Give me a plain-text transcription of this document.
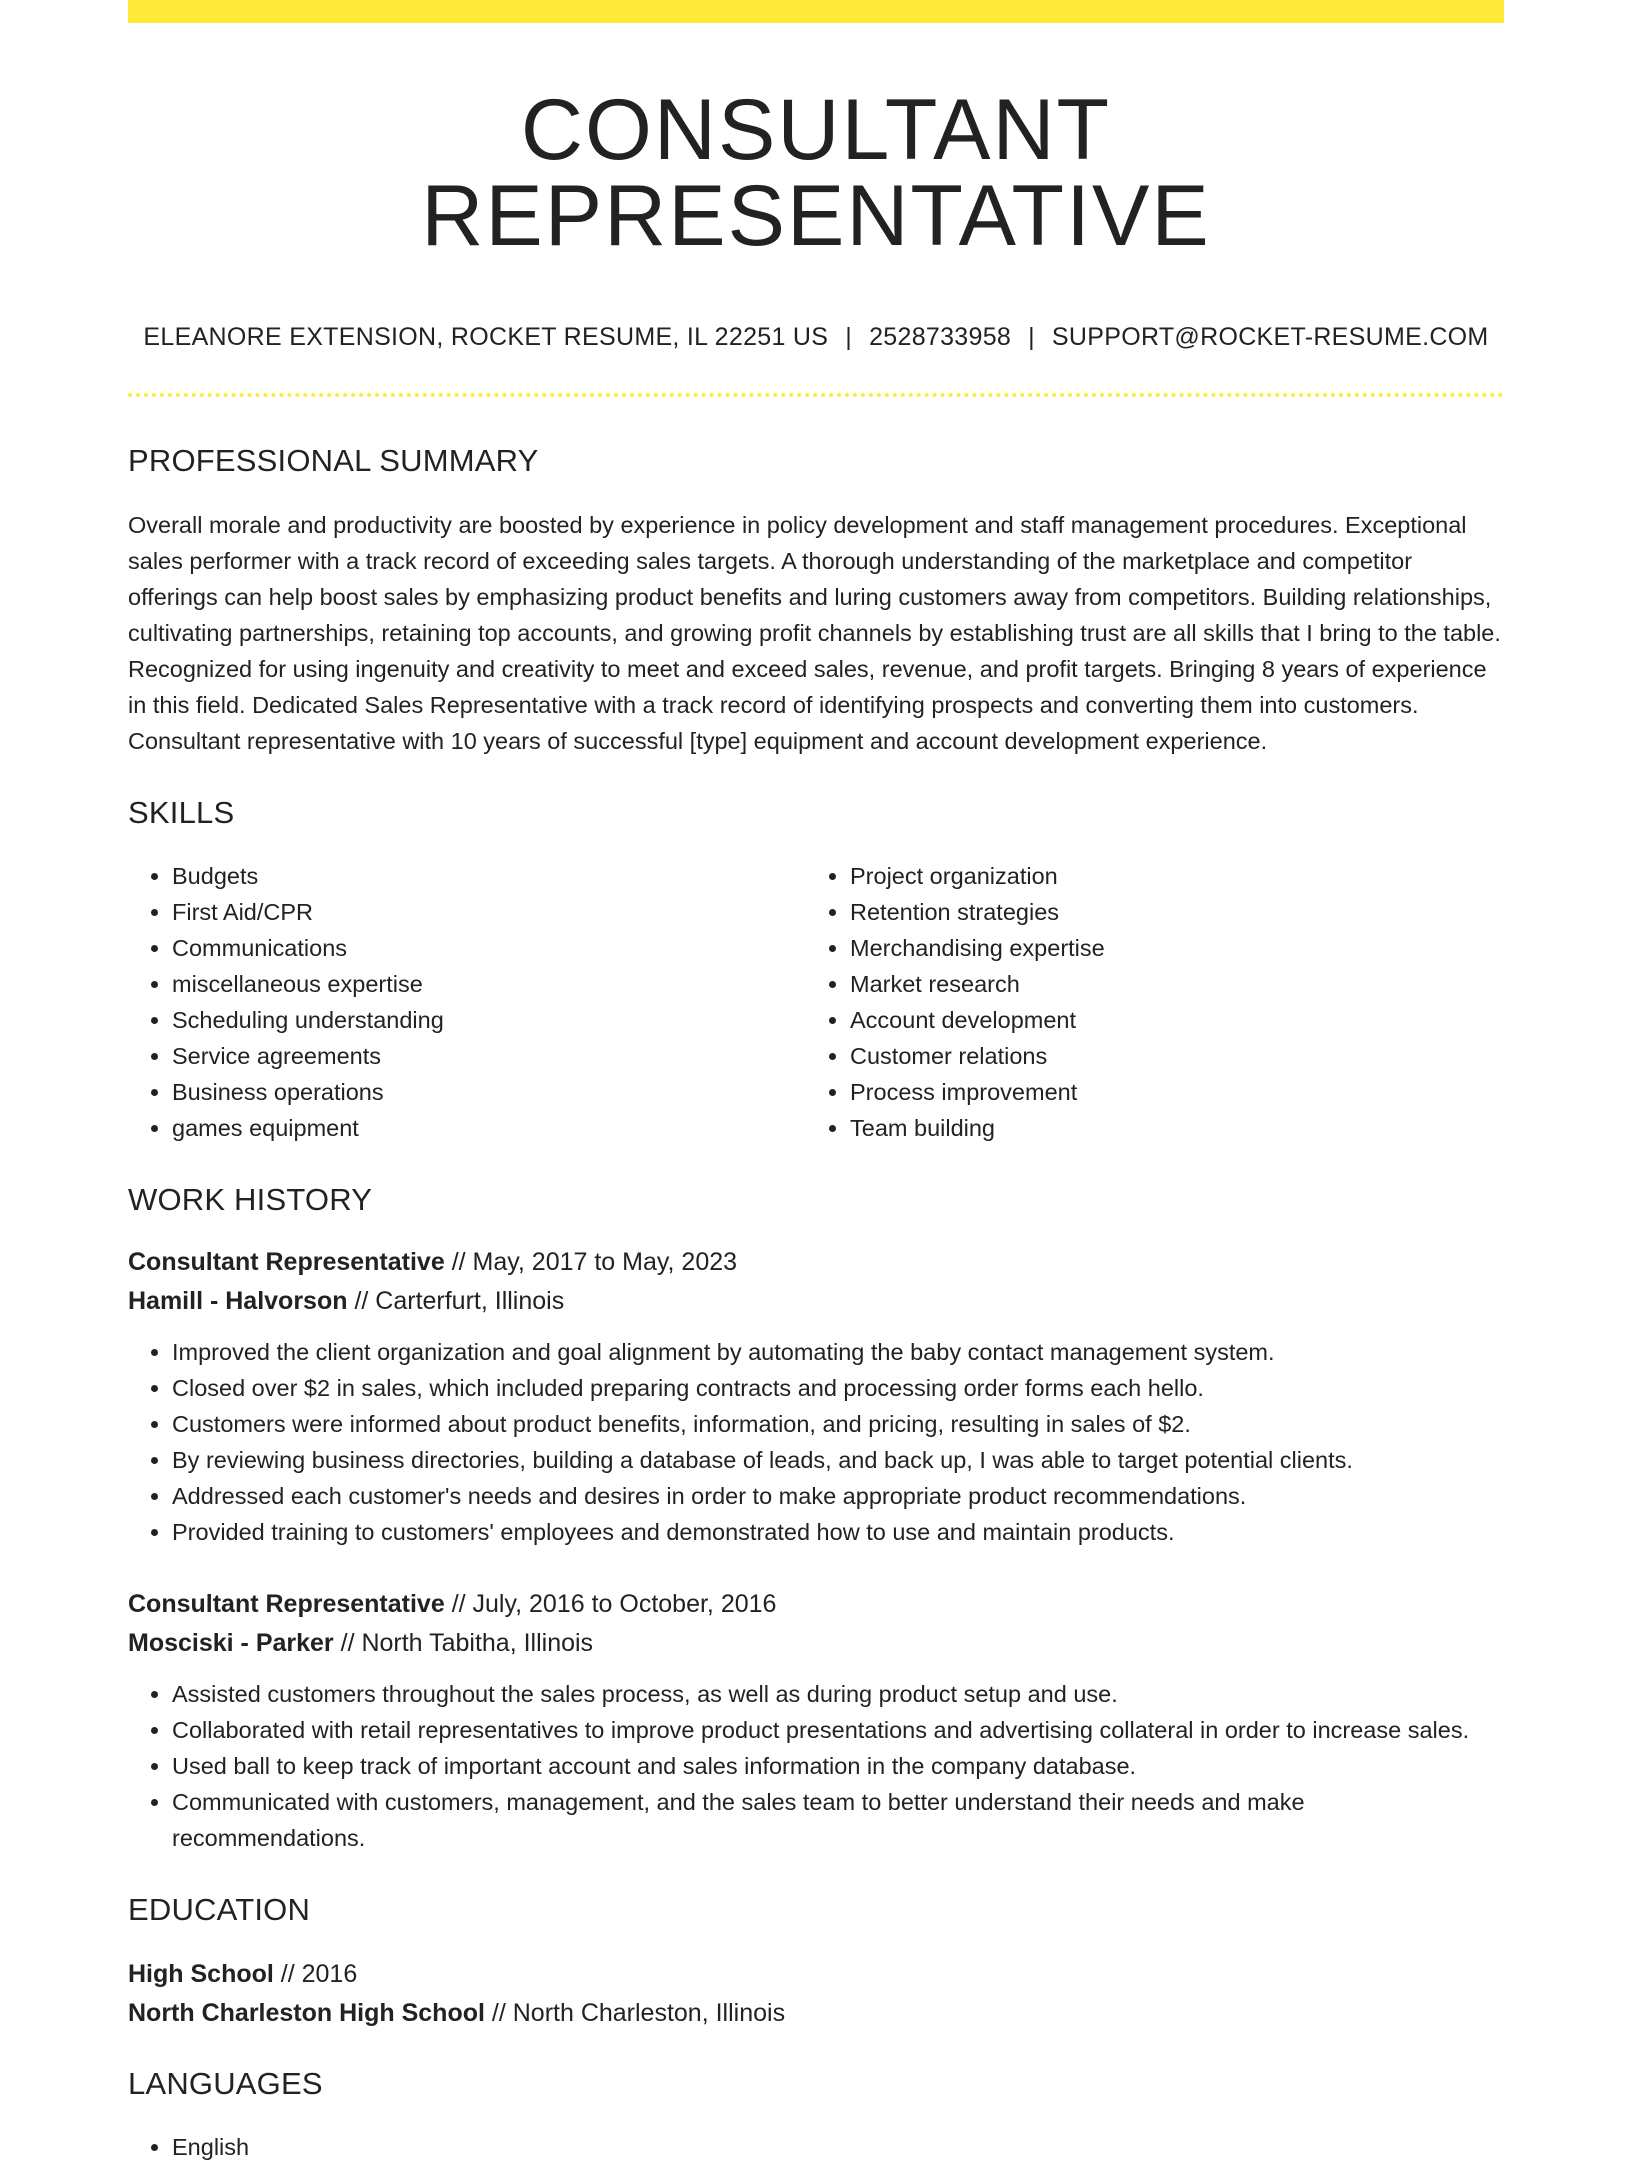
CONSULTANT REPRESENTATIVE
ELEANORE EXTENSION, ROCKET RESUME, IL 22251 US | 2528733958 | SUPPORT@ROCKET-RESUME.COM
PROFESSIONAL SUMMARY

Overall morale and productivity are boosted by experience in policy development and staff management procedures. Exceptional sales performer with a track record of exceeding sales targets. A thorough understanding of the marketplace and competitor offerings can help boost sales by emphasizing product benefits and luring customers away from competitors. Building relationships, cultivating partnerships, retaining top accounts, and growing profit channels by establishing trust are all skills that I bring to the table. Recognized for using ingenuity and creativity to meet and exceed sales, revenue, and profit targets. Bringing 8 years of experience in this field. Dedicated Sales Representative with a track record of identifying prospects and converting them into customers. Consultant representative with 10 years of successful [type] equipment and account development experience.

SKILLS
• Budgets
• First Aid/CPR
• Communications
• miscellaneous expertise
• Scheduling understanding
• Service agreements
• Business operations
• games equipment
• Project organization
• Retention strategies
• Merchandising expertise
• Market research
• Account development
• Customer relations
• Process improvement
• Team building
WORK HISTORY
Consultant Representative // May, 2017 to May, 2023
Hamill - Halvorson // Carterfurt, Illinois
• Improved the client organization and goal alignment by automating the baby contact management system.
• Closed over $2 in sales, which included preparing contracts and processing order forms each hello.
• Customers were informed about product benefits, information, and pricing, resulting in sales of $2.
• By reviewing business directories, building a database of leads, and back up, I was able to target potential clients.
• Addressed each customer's needs and desires in order to make appropriate product recommendations.
• Provided training to customers' employees and demonstrated how to use and maintain products.
Consultant Representative // July, 2016 to October, 2016
Mosciski - Parker // North Tabitha, Illinois
• Assisted customers throughout the sales process, as well as during product setup and use.
• Collaborated with retail representatives to improve product presentations and advertising collateral in order to increase sales.
• Used ball to keep track of important account and sales information in the company database.
• Communicated with customers, management, and the sales team to better understand their needs and make recommendations.
EDUCATION
High School // 2016
North Charleston High School // North Charleston, Illinois
LANGUAGES
• English
